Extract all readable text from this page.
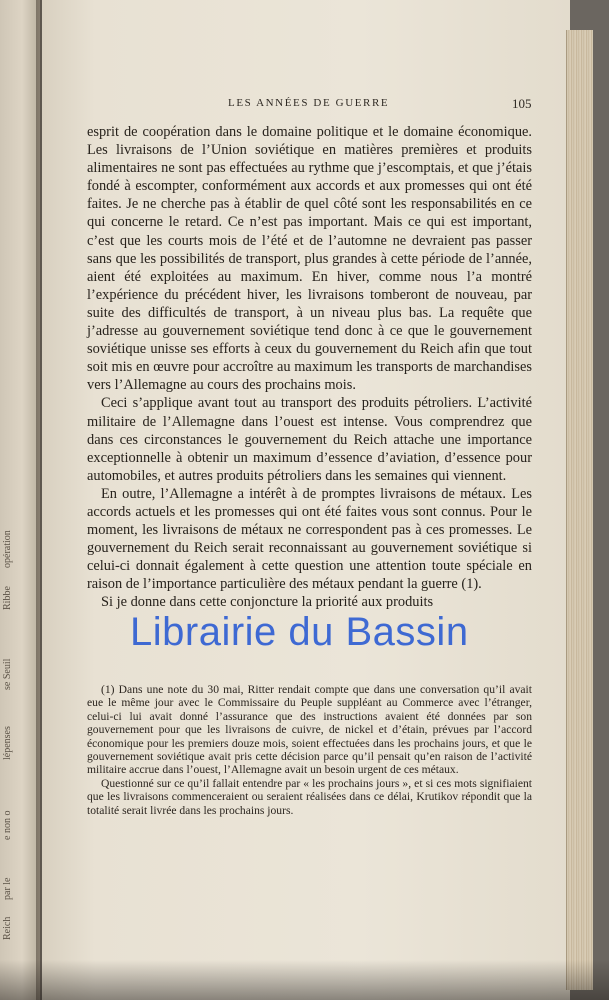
Ribbe
se Seuil
lépenses
e non o
par le
Reich
opération
LES ANNÉES DE GUERRE	105

esprit de coopération dans le domaine politique et le domaine économique. Les livraisons de l’Union soviétique en matières premières et produits alimentaires ne sont pas effectuées au rythme que j’escomptais, et que j’étais fondé à escompter, conformément aux accords et aux promesses qui ont été faites. Je ne cherche pas à établir de quel côté sont les responsabilités en ce qui concerne le retard. Ce n’est pas important. Mais ce qui est important, c’est que les courts mois de l’été et de l’automne ne devraient pas passer sans que les possibilités de transport, plus grandes à cette période de l’année, aient été exploitées au maximum. En hiver, comme nous l’a montré l’expérience du précédent hiver, les livraisons tomberont de nouveau, par suite des difficultés de transport, à un niveau plus bas. La requête que j’adresse au gouvernement soviétique tend donc à ce que le gouvernement soviétique unisse ses efforts à ceux du gouvernement du Reich afin que tout soit mis en œuvre pour accroître au maximum les transports de marchandises vers l’Allemagne au cours des prochains mois.

Ceci s’applique avant tout au transport des produits pétroliers. L’activité militaire de l’Allemagne dans l’ouest est intense. Vous comprendrez que dans ces circonstances le gouvernement du Reich attache une importance exceptionnelle à obtenir un maximum d’essence d’aviation, d’essence pour automobiles, et autres produits pétroliers dans les semaines qui viennent.

En outre, l’Allemagne a intérêt à de promptes livraisons de métaux. Les accords actuels et les promesses qui ont été faites vous sont connus. Pour le moment, les livraisons de métaux ne correspondent pas à ces promesses. Le gouvernement du Reich serait reconnaissant au gouvernement soviétique si celui-ci donnait également à cette question une attention toute spéciale en raison de l’importance particulière des métaux pendant la guerre (1).

Si je donne dans cette conjoncture la priorité aux produits

(1) Dans une note du 30 mai, Ritter rendait compte que dans une conversation qu’il avait eue le même jour avec le Commissaire du Peuple suppléant au Commerce avec l’étranger, celui-ci lui avait donné l’assurance que des instructions avaient été données par son gouvernement pour que les livraisons de cuivre, de nickel et d’étain, prévues par l’accord économique pour les premiers douze mois, soient effectuées dans les prochains jours, et que le gouvernement soviétique avait pris cette décision parce qu’il pensait qu’en raison de l’activité militaire accrue dans l’ouest, l’Allemagne avait un besoin urgent de ces métaux.

Questionné sur ce qu’il fallait entendre par « les prochains jours », et si ces mots signifiaient que les livraisons commenceraient ou seraient réalisées dans ce délai, Krutikov répondit que la totalité serait livrée dans les prochains jours.

Librairie du Bassin
